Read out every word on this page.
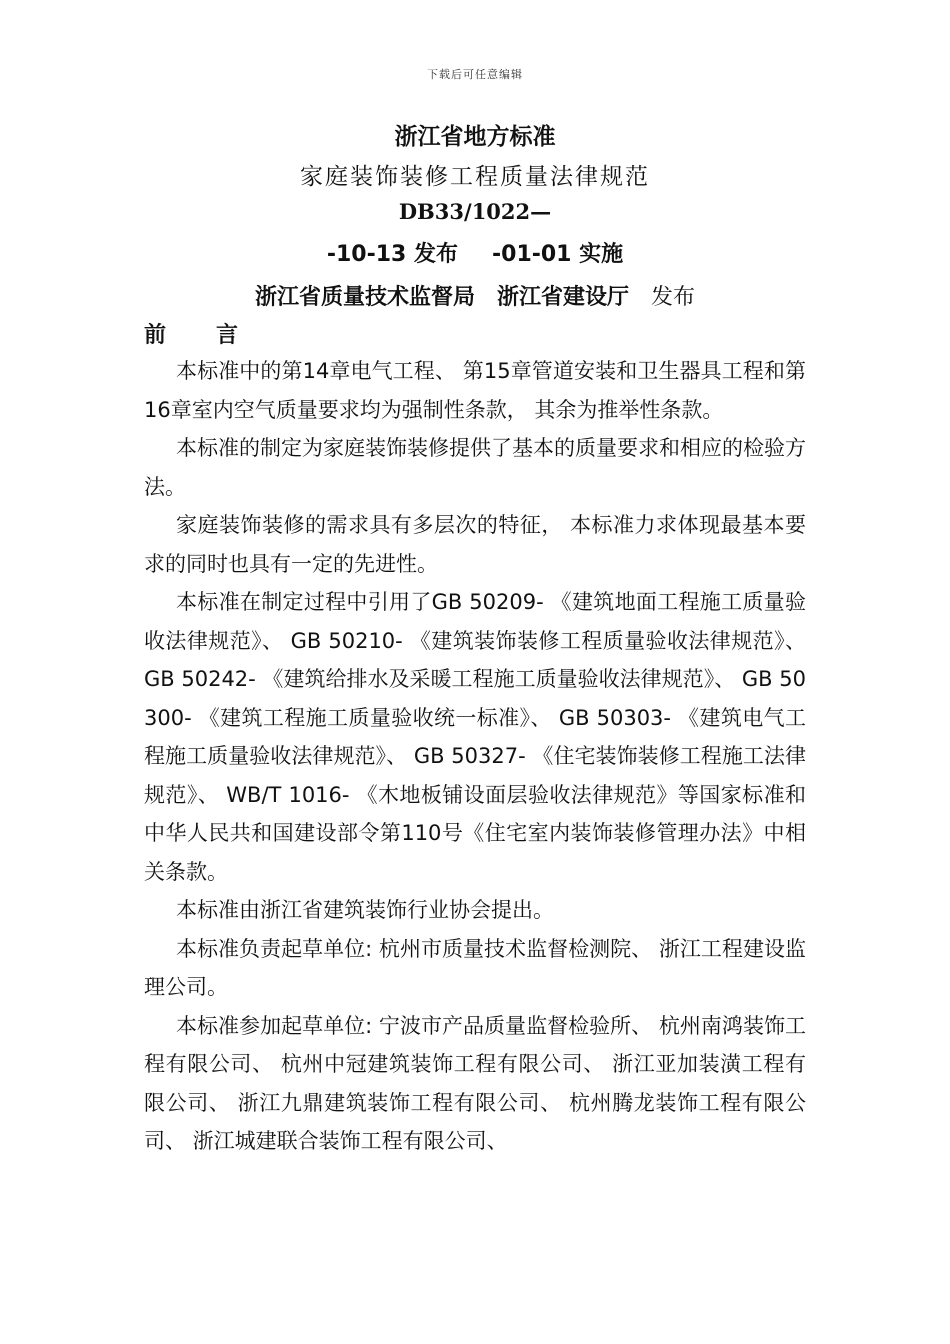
下载后可任意编辑
浙江省地方标准
家庭装饰装修工程质量法律规范
DB33/1022—
-10-13 发布 -01-01 实施
浙江省质量技术监督局 浙江省建设厅 发布
前 言

本标准中的第14章电气工程、 第15章管道安装和卫生器具工程和第16章室内空气质量要求均为强制性条款， 其余为推举性条款。

本标准的制定为家庭装饰装修提供了基本的质量要求和相应的检验方法。

家庭装饰装修的需求具有多层次的特征， 本标准力求体现最基本要求的同时也具有一定的先进性。

本标准在制定过程中引用了GB 50209- 《建筑地面工程施工质量验收法律规范》、 GB 50210- 《建筑装饰装修工程质量验收法律规范》、 GB 50242- 《建筑给排水及采暖工程施工质量验收法律规范》、 GB 50300- 《建筑工程施工质量验收统一标准》、 GB 50303- 《建筑电气工程施工质量验收法律规范》、 GB 50327- 《住宅装饰装修工程施工法律规范》、 WB/T 1016- 《木地板铺设面层验收法律规范》等国家标准和中华人民共和国建设部令第110号《住宅室内装饰装修管理办法》中相关条款。

本标准由浙江省建筑装饰行业协会提出。

本标准负责起草单位: 杭州市质量技术监督检测院、 浙江工程建设监理公司。

本标准参加起草单位: 宁波市产品质量监督检验所、 杭州南鸿装饰工程有限公司、 杭州中冠建筑装饰工程有限公司、 浙江亚加装潢工程有限公司、 浙江九鼎建筑装饰工程有限公司、 杭州腾龙装饰工程有限公司、 浙江城建联合装饰工程有限公司、
